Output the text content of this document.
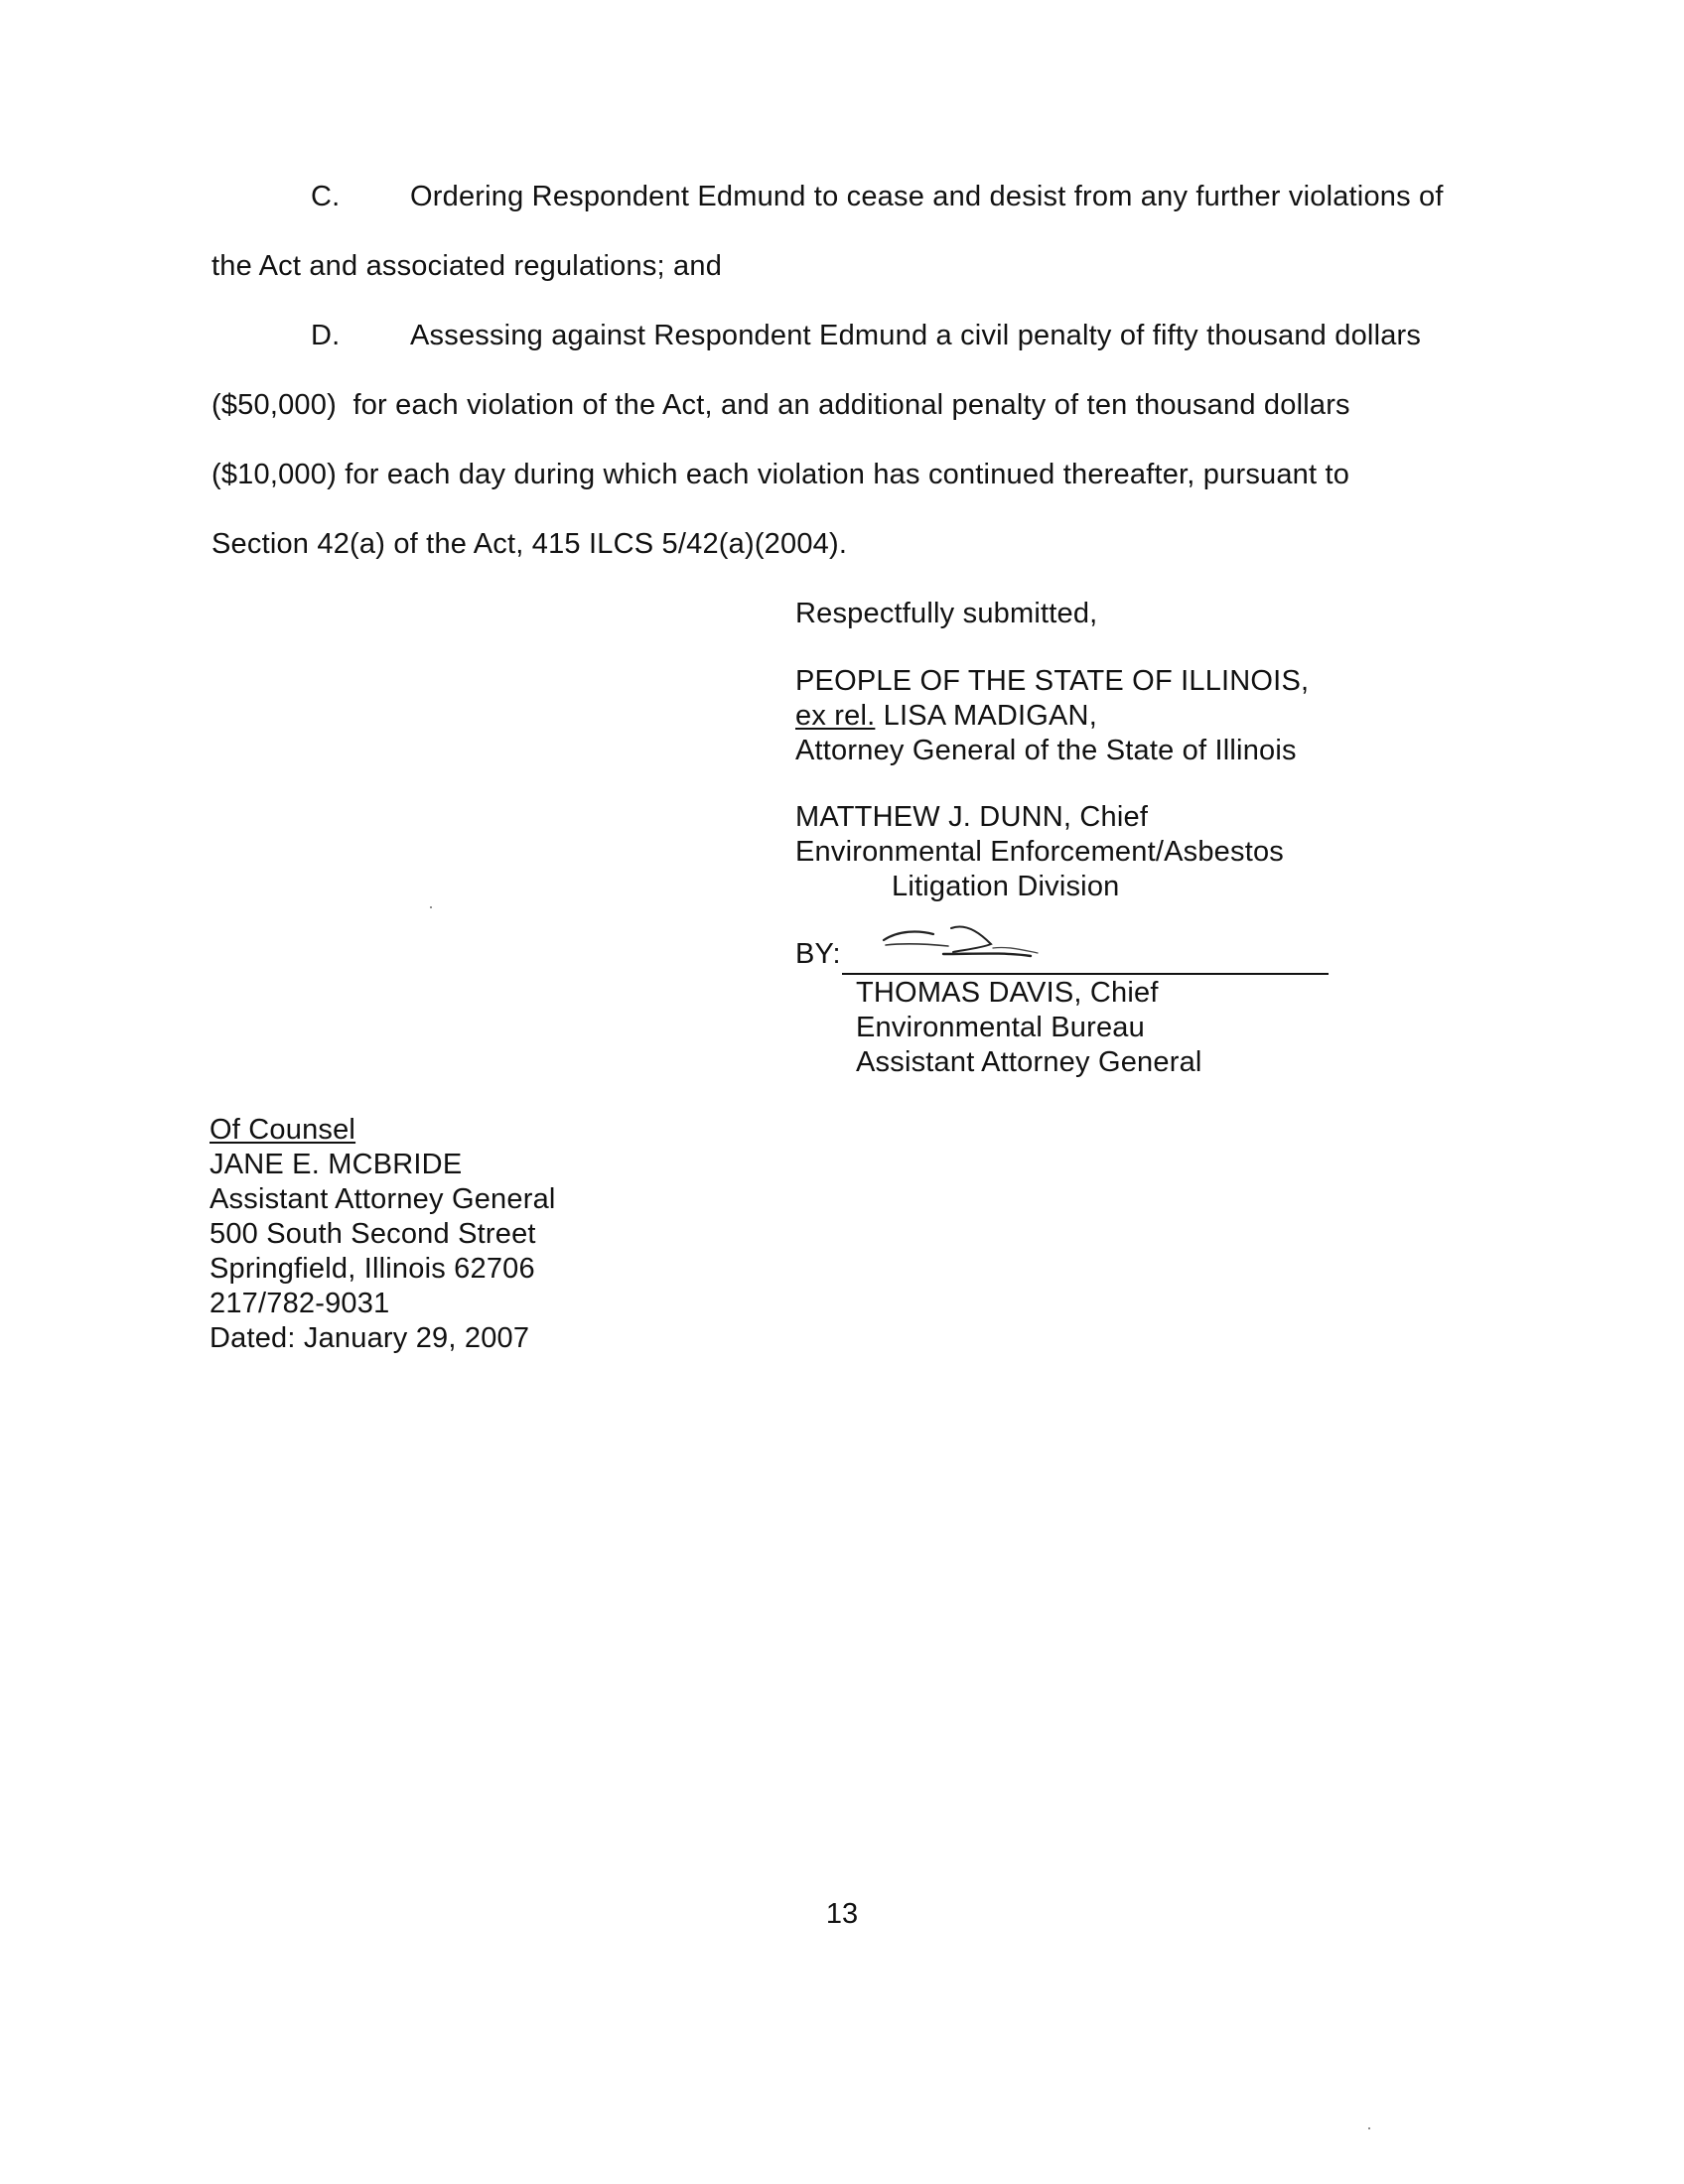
C. Ordering Respondent Edmund to cease and desist from any further violations of
the Act and associated regulations; and
D. Assessing against Respondent Edmund a civil penalty of fifty thousand dollars
($50,000)  for each violation of the Act, and an additional penalty of ten thousand dollars
($10,000) for each day during which each violation has continued thereafter, pursuant to
Section 42(a) of the Act, 415 ILCS 5/42(a)(2004).
Respectfully submitted,
PEOPLE OF THE STATE OF ILLINOIS,
ex rel. LISA MADIGAN,
Attorney General of the State of Illinois
MATTHEW J. DUNN, Chief
Environmental Enforcement/Asbestos
Litigation Division
BY:
THOMAS DAVIS, Chief
Environmental Bureau
Assistant Attorney General
Of Counsel
JANE E. MCBRIDE
Assistant Attorney General
500 South Second Street
Springfield, Illinois 62706
217/782-9031
Dated: January 29, 2007
13
